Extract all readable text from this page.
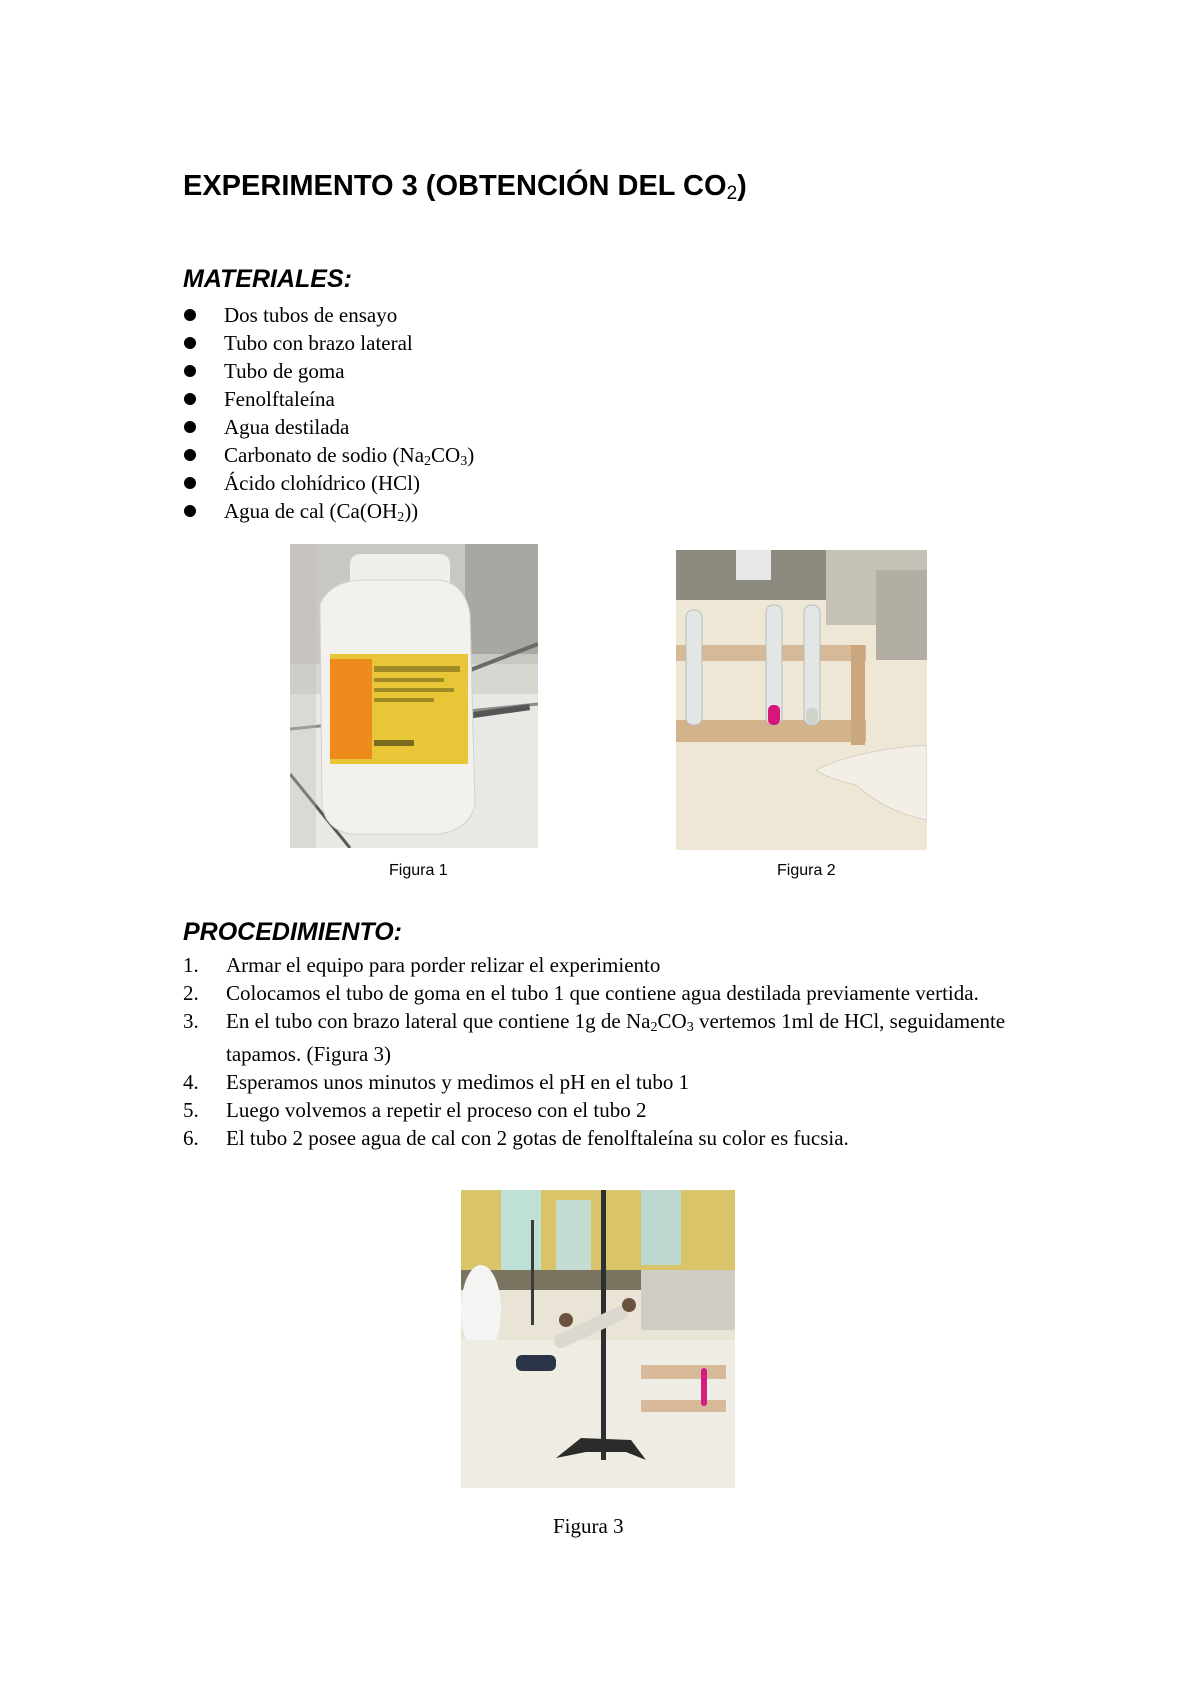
EXPERIMENTO 3 (OBTENCIÓN DEL $CO_2$)
MATERIALES:
Dos tubos de ensayo
Tubo con brazo lateral
Tubo de goma
Fenolftaleína
Agua destilada
Carbonato de sodio $(Na_2CO_3)$
Ácido clohídrico (HCl)
Agua de cal $(Ca(OH_2))$
Figura 1	Figura 2
PROCEDIMIENTO:
1. Armar el equipo para porder relizar el experimiento
2. Colocamos el tubo de goma en el tubo 1 que contiene agua destilada previamente vertida.
3. En el tubo con brazo lateral que contiene 1g de $Na_2CO_3$ vertemos 1ml de HCl, seguidamente tapamos. (Figura 3)
4. Esperamos unos minutos y medimos el pH en el tubo 1
5. Luego volvemos a repetir el proceso con el tubo 2
6. El tubo 2 posee agua de cal con 2 gotas de fenolftaleína su color es fucsia.
Figura 3
